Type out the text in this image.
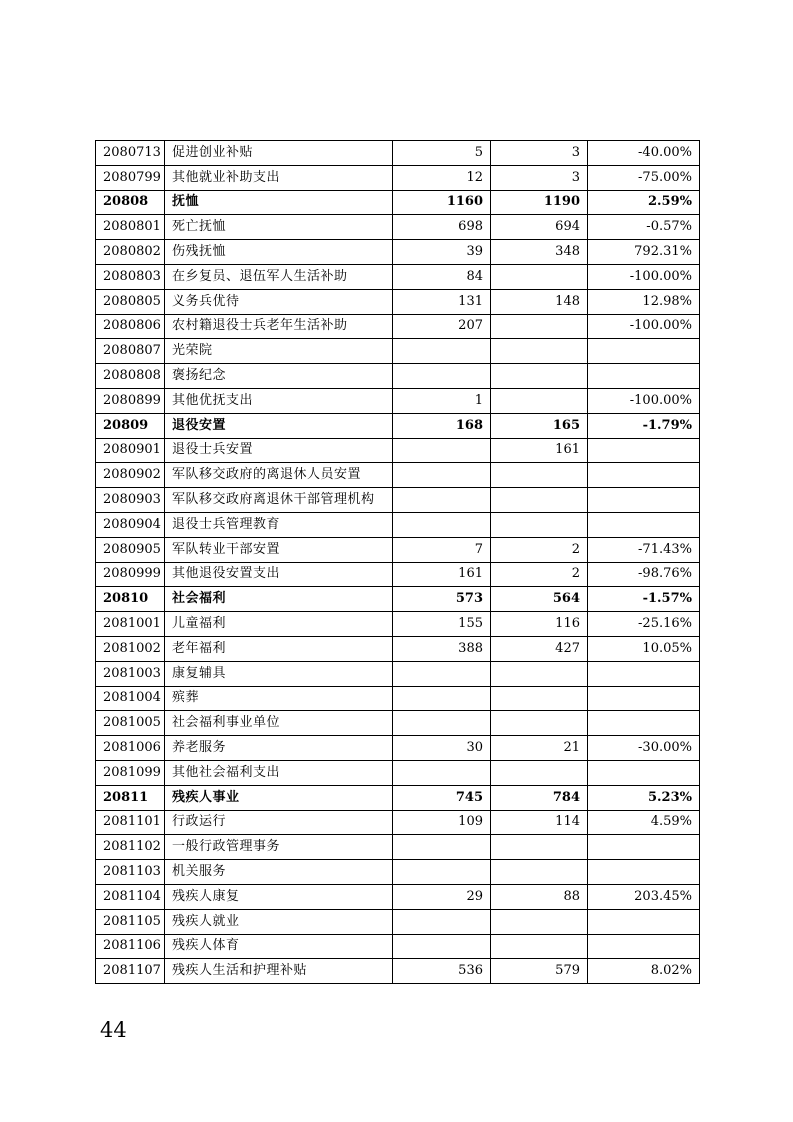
2080713	促进创业补贴	5	3	-40.00%
2080799	其他就业补助支出	12	3	-75.00%
20808	抚恤	1160	1190	2.59%
2080801	死亡抚恤	698	694	-0.57%
2080802	伤残抚恤	39	348	792.31%
2080803	在乡复员、退伍军人生活补助	84		-100.00%
2080805	义务兵优待	131	148	12.98%
2080806	农村籍退役士兵老年生活补助	207		-100.00%
2080807	光荣院			
2080808	褒扬纪念			
2080899	其他优抚支出	1		-100.00%
20809	退役安置	168	165	-1.79%
2080901	退役士兵安置		161	
2080902	军队移交政府的离退休人员安置			
2080903	军队移交政府离退休干部管理机构			
2080904	退役士兵管理教育			
2080905	军队转业干部安置	7	2	-71.43%
2080999	其他退役安置支出	161	2	-98.76%
20810	社会福利	573	564	-1.57%
2081001	儿童福利	155	116	-25.16%
2081002	老年福利	388	427	10.05%
2081003	康复辅具			
2081004	殡葬			
2081005	社会福利事业单位			
2081006	养老服务	30	21	-30.00%
2081099	其他社会福利支出			
20811	残疾人事业	745	784	5.23%
2081101	行政运行	109	114	4.59%
2081102	一般行政管理事务			
2081103	机关服务			
2081104	残疾人康复	29	88	203.45%
2081105	残疾人就业			
2081106	残疾人体育			
2081107	残疾人生活和护理补贴	536	579	8.02%
44
